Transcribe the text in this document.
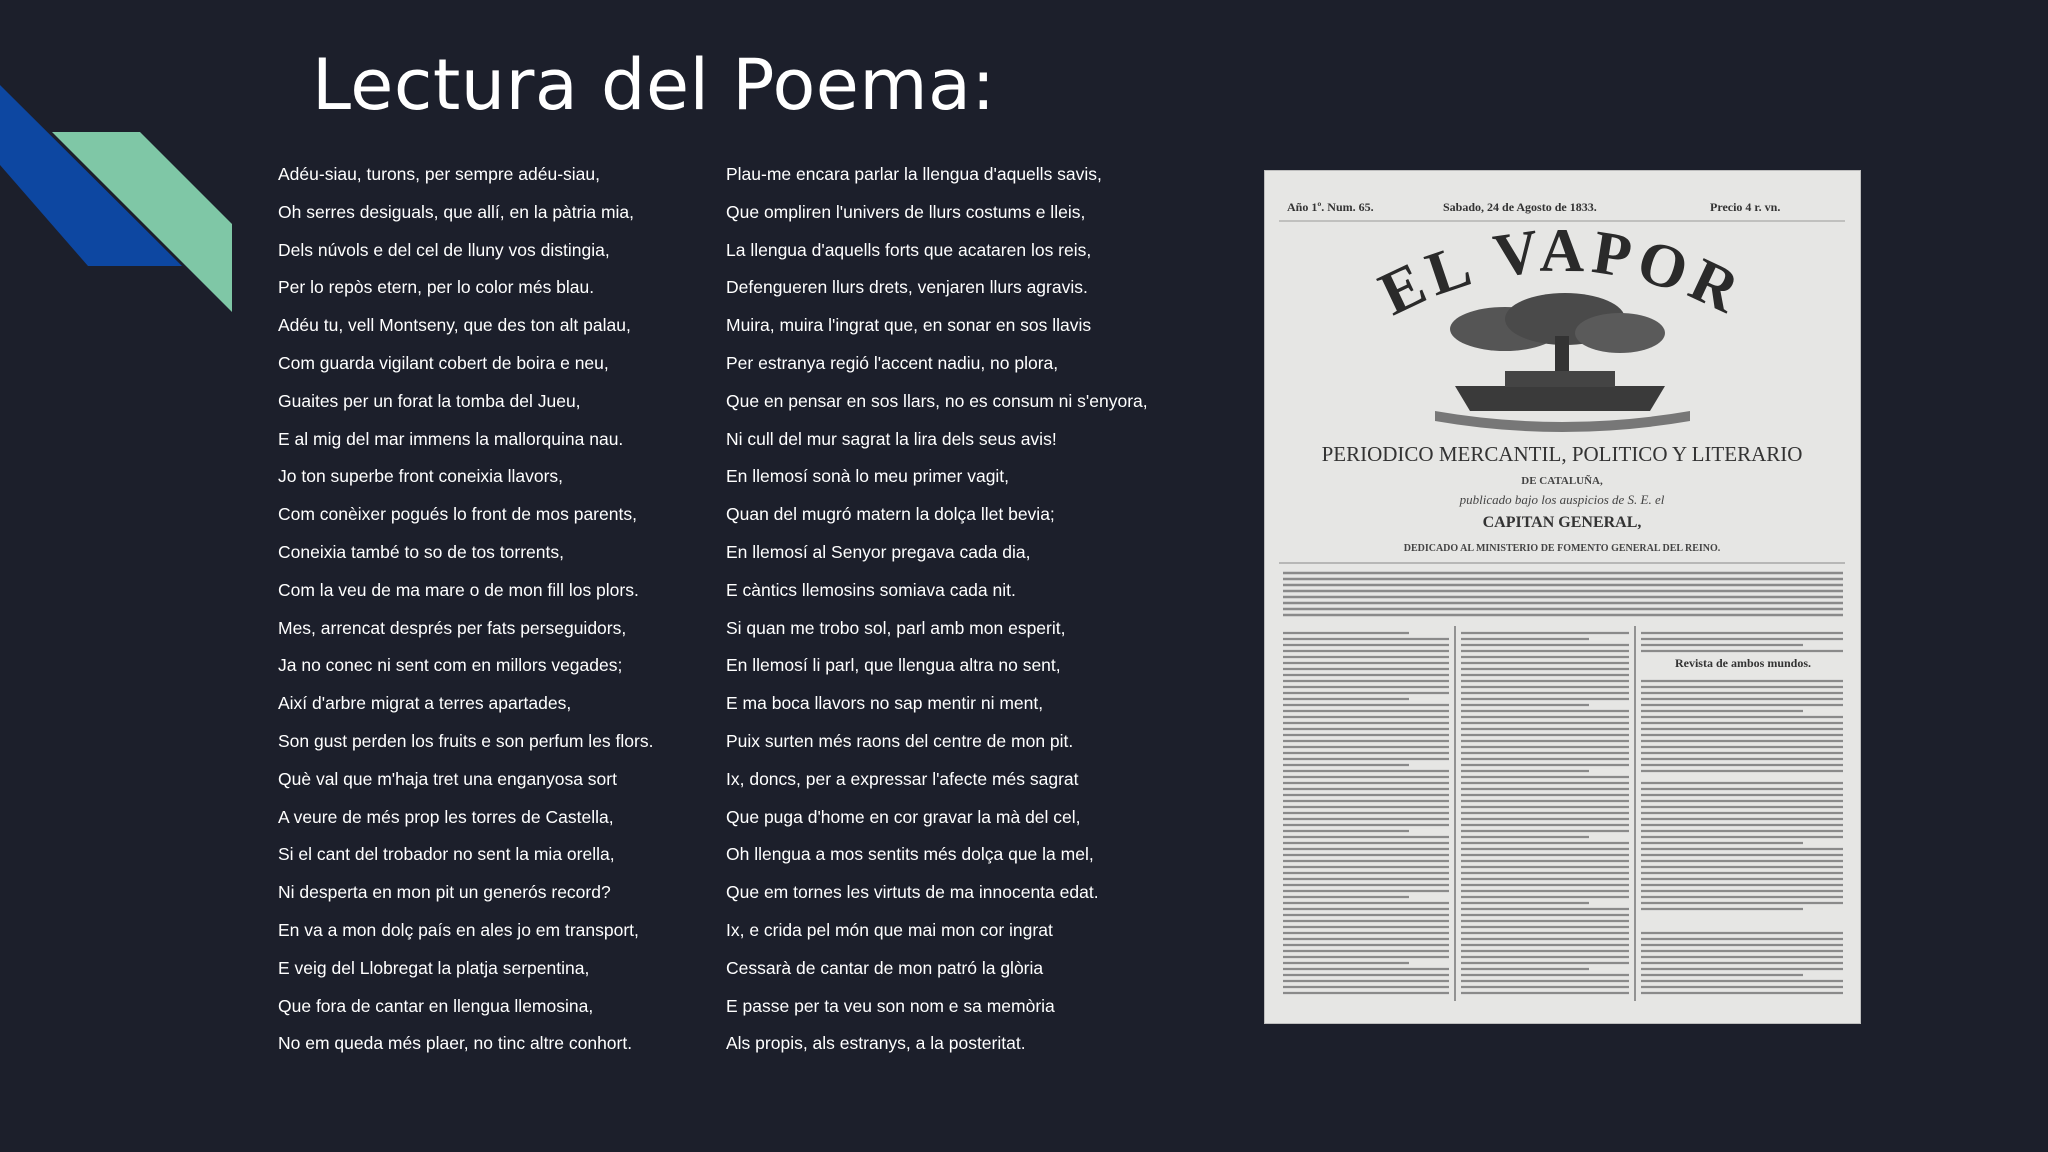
Lectura del Poema:
Adéu-siau, turons, per sempre adéu-siau,
Oh serres desiguals, que allí, en la pàtria mia,
Dels núvols e del cel de lluny vos distingia,
Per lo repòs etern, per lo color més blau.
Adéu tu, vell Montseny, que des ton alt palau,
Com guarda vigilant cobert de boira e neu,
Guaites per un forat la tomba del Jueu,
E al mig del mar immens la mallorquina nau.
Jo ton superbe front coneixia llavors,
Com conèixer pogués lo front de mos parents,
Coneixia també to so de tos torrents,
Com la veu de ma mare o de mon fill los plors.
Mes, arrencat després per fats perseguidors,
Ja no conec ni sent com en millors vegades;
Així d'arbre migrat a terres apartades,
Son gust perden los fruits e son perfum les flors.
Què val que m'haja tret una enganyosa sort
A veure de més prop les torres de Castella,
Si el cant del trobador no sent la mia orella,
Ni desperta en mon pit un generós record?
En va a mon dolç país en ales jo em transport,
E veig del Llobregat la platja serpentina,
Que fora de cantar en llengua llemosina,
No em queda més plaer, no tinc altre conhort.
Plau-me encara parlar la llengua d'aquells savis,
Que ompliren l'univers de llurs costums e lleis,
La llengua d'aquells forts que acataren los reis,
Defengueren llurs drets, venjaren llurs agravis.
Muira, muira l'ingrat que, en sonar en sos llavis
Per estranya regió l'accent nadiu, no plora,
Que en pensar en sos llars, no es consum ni s'enyora,
Ni cull del mur sagrat la lira dels seus avis!
En llemosí sonà lo meu primer vagit,
Quan del mugró matern la dolça llet bevia;
En llemosí al Senyor pregava cada dia,
E càntics llemosins somiava cada nit.
Si quan me trobo sol, parl amb mon esperit,
En llemosí li parl, que llengua altra no sent,
E ma boca llavors no sap mentir ni ment,
Puix surten més raons del centre de mon pit.
Ix, doncs, per a expressar l'afecte més sagrat
Que puga d'home en cor gravar la mà del cel,
Oh llengua a mos sentits més dolça que la mel,
Que em tornes les virtuts de ma innocenta edat.
Ix, e crida pel món que mai mon cor ingrat
Cessarà de cantar de mon patró la glòria
E passe per ta veu son nom e sa memòria
Als propis, als estranys, a la posteritat.
Año 1º. Num. 65.	Sabado, 24 de Agosto de 1833.	Precio 4 r. vn.
EL VAPOR
PERIODICO MERCANTIL, POLITICO Y LITERARIO
DE CATALUÑA,
publicado bajo los auspicios de S. E. el
CAPITAN GENERAL,
DEDICADO AL MINISTERIO DE FOMENTO GENERAL DEL REINO.
Revista de ambos mundos.
